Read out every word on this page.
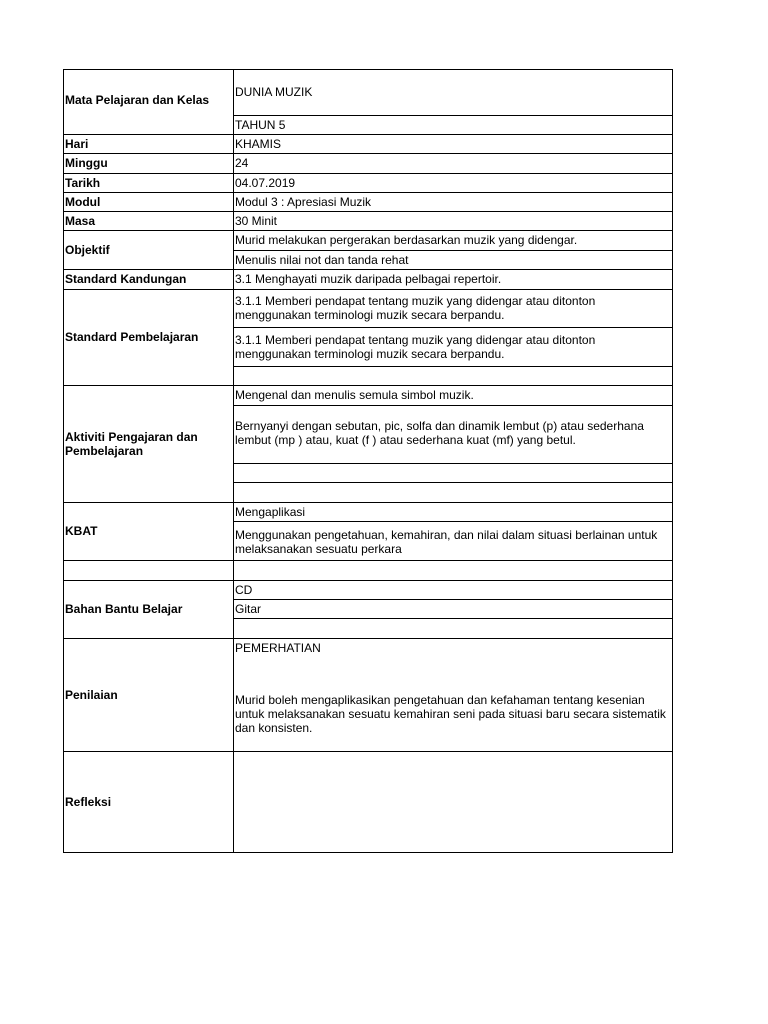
Mata Pelajaran dan Kelas
Hari
Minggu
Tarikh
Modul
Masa
Objektif
Standard Kandungan
Standard Pembelajaran
Aktiviti Pengajaran dan Pembelajaran
KBAT
Bahan Bantu Belajar
Penilaian
Refleksi
DUNIA MUZIK
TAHUN 5
KHAMIS
24
04.07.2019
Modul 3 : Apresiasi Muzik
30 Minit
Murid melakukan pergerakan berdasarkan muzik yang didengar.
Menulis nilai not dan tanda rehat
3.1 Menghayati muzik daripada pelbagai repertoir.
3.1.1 Memberi pendapat tentang muzik yang didengar atau ditonton menggunakan terminologi muzik secara berpandu.
3.1.1 Memberi pendapat tentang muzik yang didengar atau ditonton menggunakan terminologi muzik secara berpandu.
Mengenal dan menulis semula simbol muzik.
Bernyanyi dengan sebutan, pic, solfa dan dinamik lembut (p) atau sederhana lembut (mp ) atau, kuat (f ) atau sederhana kuat (mf) yang betul.
Mengaplikasi
Menggunakan pengetahuan, kemahiran, dan nilai dalam situasi berlainan untuk melaksanakan sesuatu perkara
CD
Gitar
PEMERHATIAN
Murid boleh mengaplikasikan pengetahuan dan kefahaman tentang kesenian untuk melaksanakan sesuatu kemahiran seni pada situasi baru secara sistematik dan konsisten.
